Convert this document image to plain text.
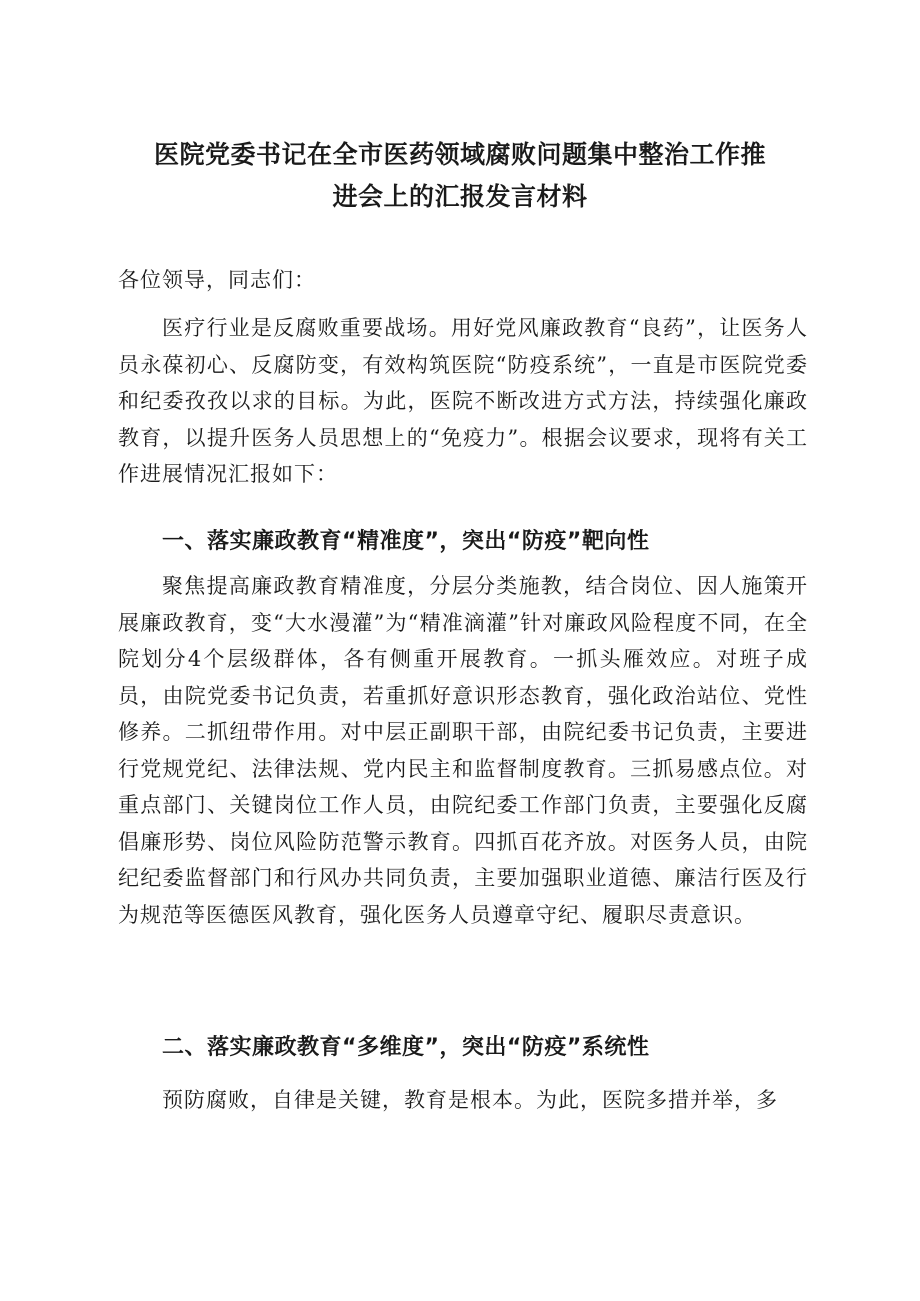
医院党委书记在全市医药领域腐败问题集中整治工作推
进会上的汇报发言材料
各位领导，同志们：
医疗行业是反腐败重要战场。用好党风廉政教育“良药”，让医务人员永葆初心、反腐防变，有效构筑医院“防疫系统”，一直是市医院党委和纪委孜孜以求的目标。为此，医院不断改进方式方法，持续强化廉政教育，以提升医务人员思想上的“免疫力”。根据会议要求，现将有关工作进展情况汇报如下：
一、落实廉政教育“精准度”，突出“防疫”靶向性
聚焦提高廉政教育精准度，分层分类施教，结合岗位、因人施策开展廉政教育，变“大水漫灌”为“精准滴灌”针对廉政风险程度不同，在全院划分4个层级群体，各有侧重开展教育。一抓头雁效应。对班子成员，由院党委书记负责，若重抓好意识形态教育，强化政治站位、党性修养。二抓纽带作用。对中层正副职干部，由院纪委书记负责，主要进行党规党纪、法律法规、党内民主和监督制度教育。三抓易感点位。对重点部门、关键岗位工作人员，由院纪委工作部门负责，主要强化反腐倡廉形势、岗位风险防范警示教育。四抓百花齐放。对医务人员，由院纪纪委监督部门和行风办共同负责，主要加强职业道德、廉洁行医及行为规范等医德医风教育，强化医务人员遵章守纪、履职尽责意识。
二、落实廉政教育“多维度”，突出“防疫”系统性
预防腐败，自律是关键，教育是根本。为此，医院多措并举，多
